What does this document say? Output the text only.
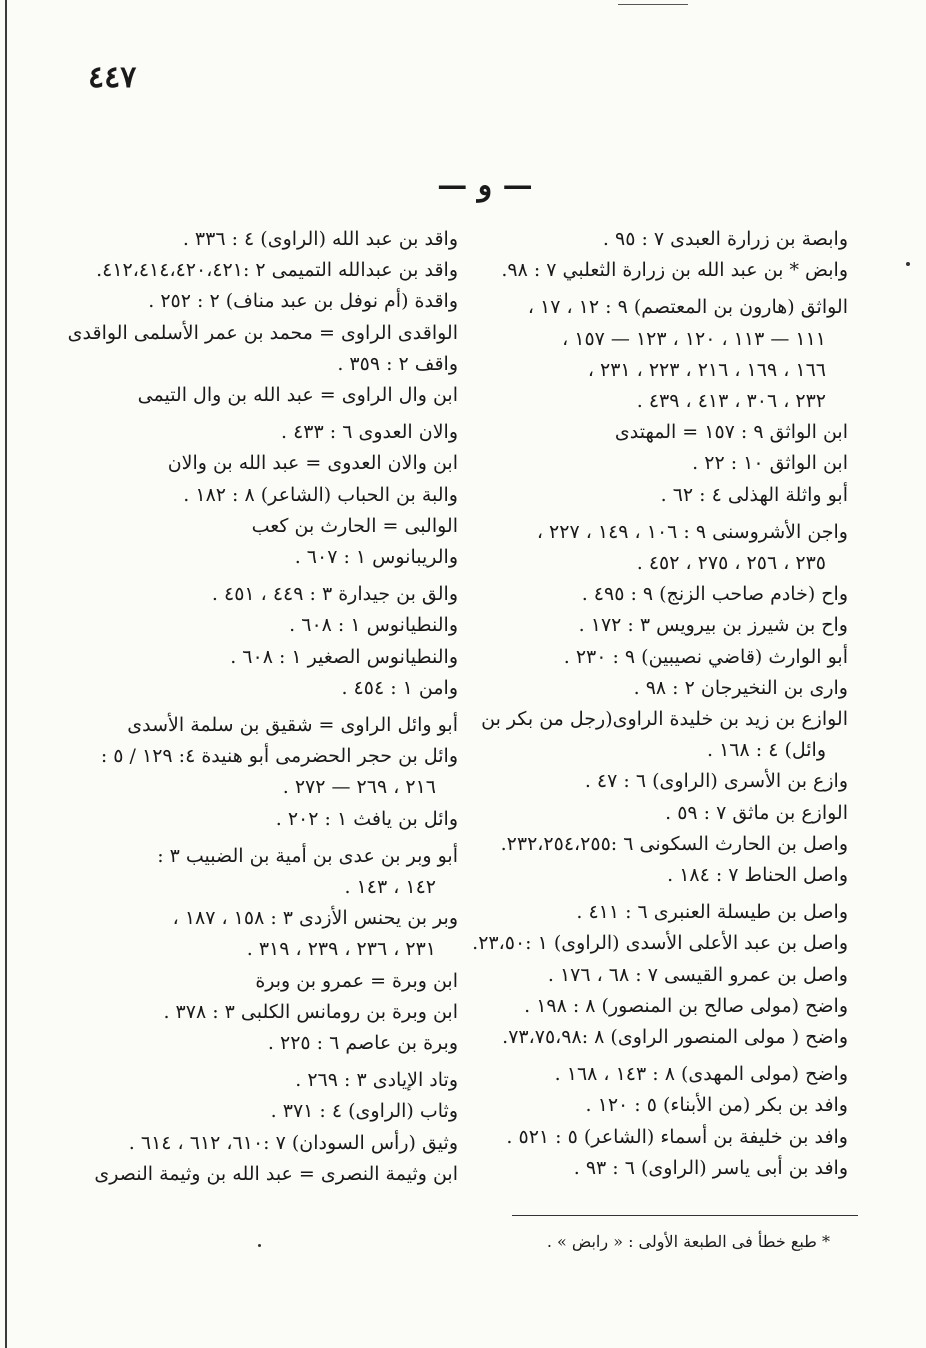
٤٤٧
— و —
وابصة بن زرارة العبدى ٧ : ٩٥ .
وابض * بن عبد الله بن زرارة الثعلبي ٧ : ٩٨.
الواثق (هارون بن المعتصم) ٩ : ١٢ ، ١٧ ،
١١١ — ١١٣ ، ١٢٠ ، ١٢٣ — ١٥٧ ،
١٦٦ ، ١٦٩ ، ٢١٦ ، ٢٢٣ ، ٢٣١ ،
٢٣٢ ، ٣٠٦ ، ٤١٣ ، ٤٣٩ .
ابن الواثق ٩ : ١٥٧ = المهتدى
ابن الواثق ١٠ : ٢٢ .
أبو واثلة الهذلى ٤ : ٦٢ .
واجن الأشروسنى ٩ : ١٠٦ ، ١٤٩ ، ٢٢٧ ،
٢٣٥ ، ٢٥٦ ، ٢٧٥ ، ٤٥٢ .
واح (خادم صاحب الزنج) ٩ : ٤٩٥ .
واح بن شيرز بن بيرويس ٣ : ١٧٢ .
أبو الوارث (قاضي نصيبين) ٩ : ٢٣٠ .
وارى بن النخيرجان ٢ : ٩٨ .
الوازع بن زيد بن خليدة الراوى(رجل من بكر بن
وائل) ٤ : ١٦٨ .
وازع بن الأسرى (الراوى) ٦ : ٤٧ .
الوازع بن ماثق ٧ : ٥٩ .
واصل بن الحارث السكونى ٦ :٢٣٢،٢٥٤،٢٥٥.
واصل الحناط ٧ : ١٨٤ .
واصل بن طيسلة العنبرى ٦ : ٤١١ .
واصل بن عبد الأعلى الأسدى (الراوى) ١ :٢٣،٥٠.
واصل بن عمرو القيسى ٧ : ٦٨ ، ١٧٦ .
واضح (مولى صالح بن المنصور) ٨ : ١٩٨ .
واضح ( مولى المنصور الراوى) ٨ :٧٣،٧٥،٩٨.
واضح (مولى المهدى) ٨ : ١٤٣ ، ١٦٨ .
وافد بن بكر (من الأبناء) ٥ : ١٢٠ .
وافد بن خليفة بن أسماء (الشاعر) ٥ : ٥٢١ .
وافد بن أبى ياسر (الراوى) ٦ : ٩٣ .
واقد بن عبد الله (الراوى) ٤ : ٣٣٦ .
واقد بن عبدالله التميمى ٢ :٤١٢،٤١٤،٤٢٠،٤٢١.
واقدة (أم نوفل بن عبد مناف) ٢ : ٢٥٢ .
الواقدى الراوى = محمد بن عمر الأسلمى الواقدى
واقف ٢ : ٣٥٩ .
ابن وال الراوى = عبد الله بن وال التيمى
والان العدوى ٦ : ٤٣٣ .
ابن والان العدوى = عبد الله بن والان
والبة بن الحباب (الشاعر) ٨ : ١٨٢ .
الوالبى = الحارث بن كعب
والريبانوس ١ : ٦٠٧ .
والق بن جيدارة ٣ : ٤٤٩ ، ٤٥١ .
والنطيانوس ١ : ٦٠٨ .
والنطيانوس الصغير ١ : ٦٠٨ .
وامن ١ : ٤٥٤ .
أبو وائل الراوى = شقيق بن سلمة الأسدى
وائل بن حجر الحضرمى أبو هنيدة ٤: ١٢٩ / ٥ :
٢١٦ ، ٢٦٩ — ٢٧٢ .
وائل بن يافث ١ : ٢٠٢ .
أبو وبر بن عدى بن أمية بن الضبيب ٣ :
١٤٢ ، ١٤٣ .
وبر بن يحنس الأزدى ٣ : ١٥٨ ، ١٨٧ ،
٢٣١ ، ٢٣٦ ، ٢٣٩ ، ٣١٩ .
ابن وبرة = عمرو بن وبرة
ابن وبرة بن رومانس الكلبى ٣ : ٣٧٨ .
وبرة بن عاصم ٦ : ٢٢٥ .
وتاد الإيادى ٣ : ٢٦٩ .
وثاب (الراوى) ٤ : ٣٧١ .
وثيق (رأس السودان) ٧ :٦١٠، ٦١٢ ، ٦١٤ .
ابن وثيمة النصرى = عبد الله بن وثيمة النصرى
* طبع خطأ فى الطبعة الأولى : « رابض » .
